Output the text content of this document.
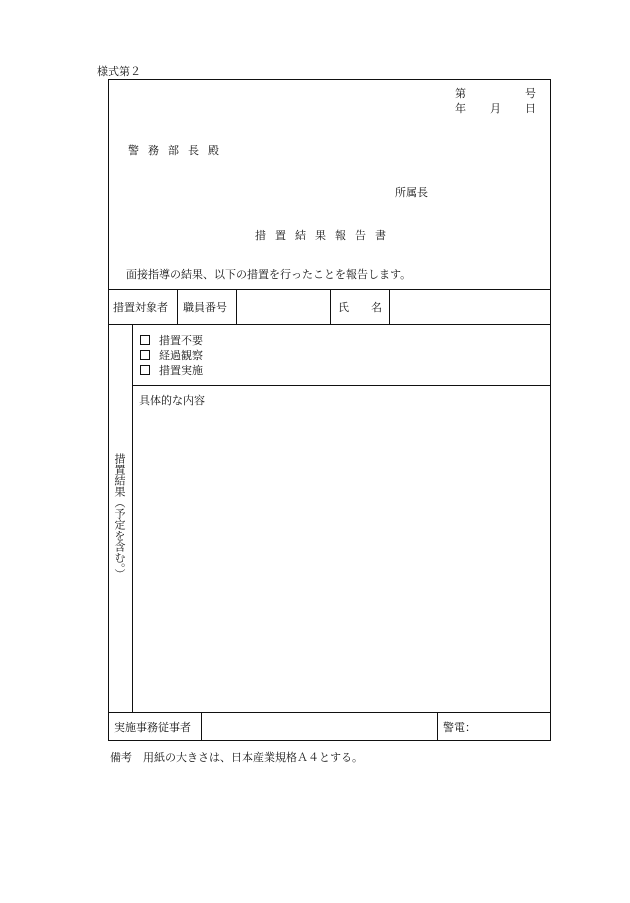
様式第２
第	号
年 月 日
警務部長殿
所属長
措置結果報告書
面接指導の結果、以下の措置を行ったことを報告します。
措置対象者 職員番号	氏　　名
措置結果（予定を含む。）
措置不要
経過観察
措置実施
具体的な内容
実施事務従事者	警電：
備考　用紙の大きさは、日本産業規格Ａ４とする。
